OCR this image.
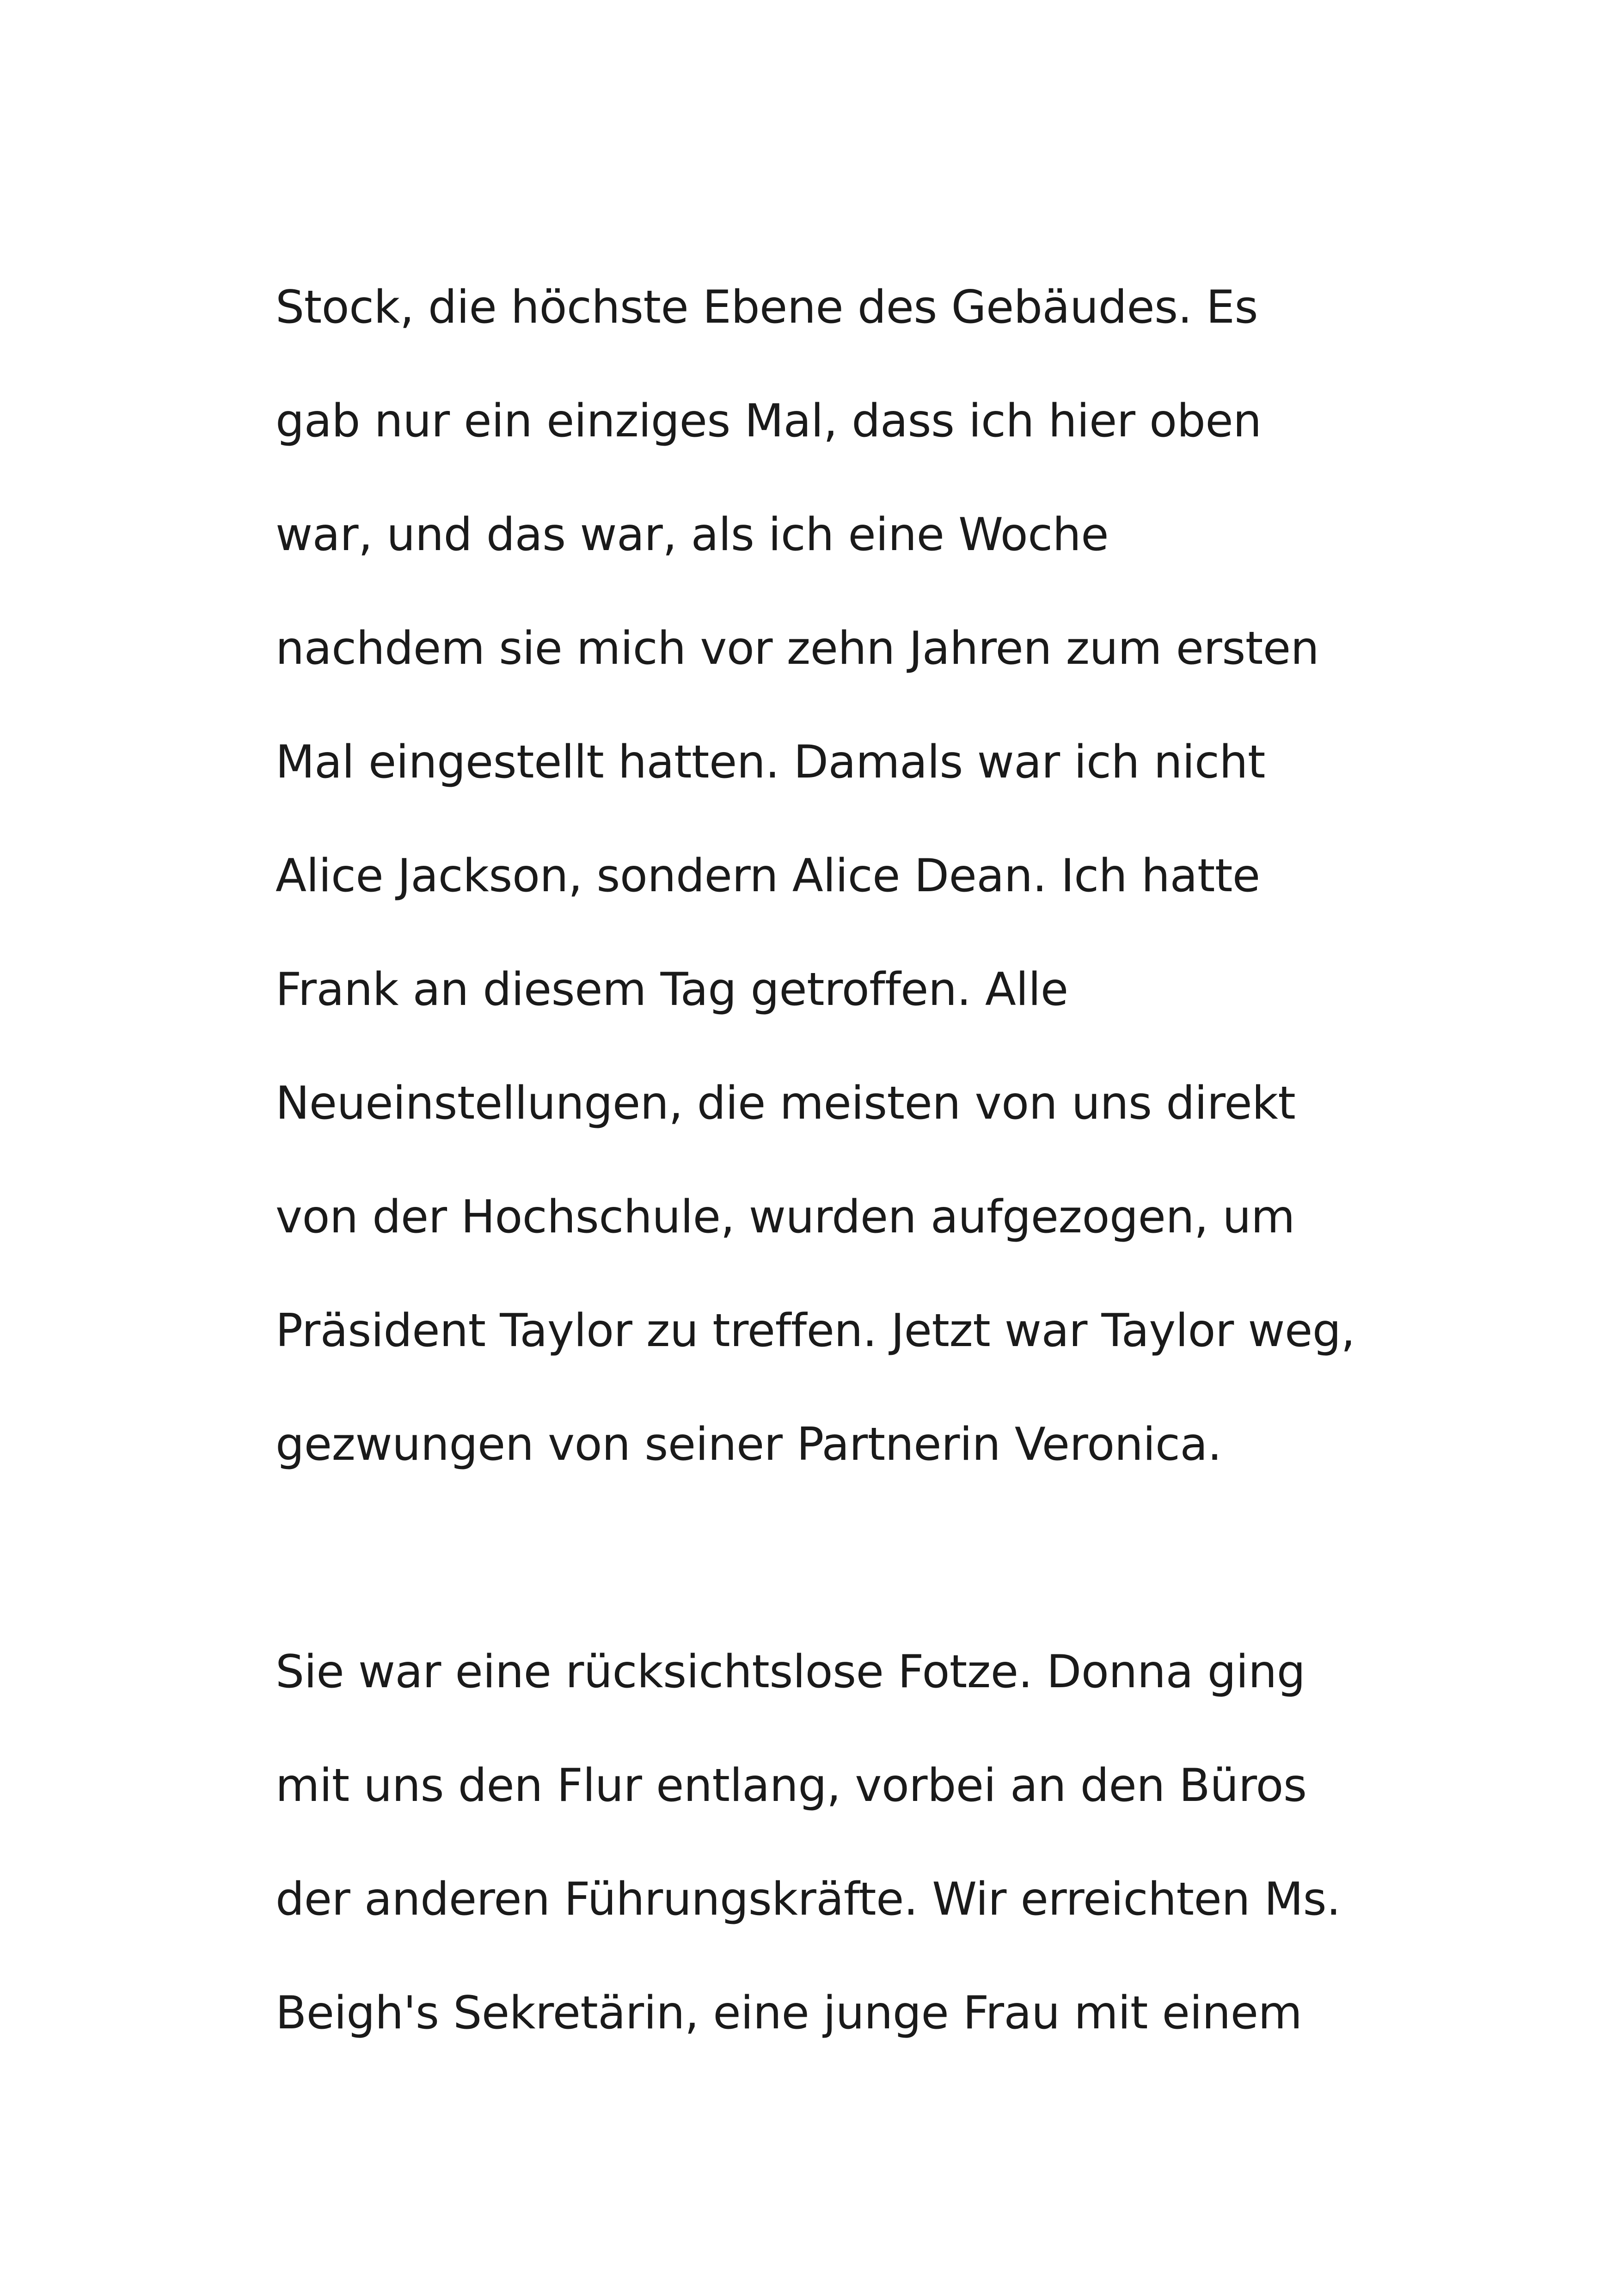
Stock, die höchste Ebene des Gebäudes. Es
gab nur ein einziges Mal, dass ich hier oben
war, und das war, als ich eine Woche
nachdem sie mich vor zehn Jahren zum ersten
Mal eingestellt hatten. Damals war ich nicht
Alice Jackson, sondern Alice Dean. Ich hatte
Frank an diesem Tag getroffen. Alle
Neueinstellungen, die meisten von uns direkt
von der Hochschule, wurden aufgezogen, um
Präsident Taylor zu treffen. Jetzt war Taylor weg,
gezwungen von seiner Partnerin Veronica.
Sie war eine rücksichtslose Fotze. Donna ging
mit uns den Flur entlang, vorbei an den Büros
der anderen Führungskräfte. Wir erreichten Ms.
Beigh's Sekretärin, eine junge Frau mit einem
